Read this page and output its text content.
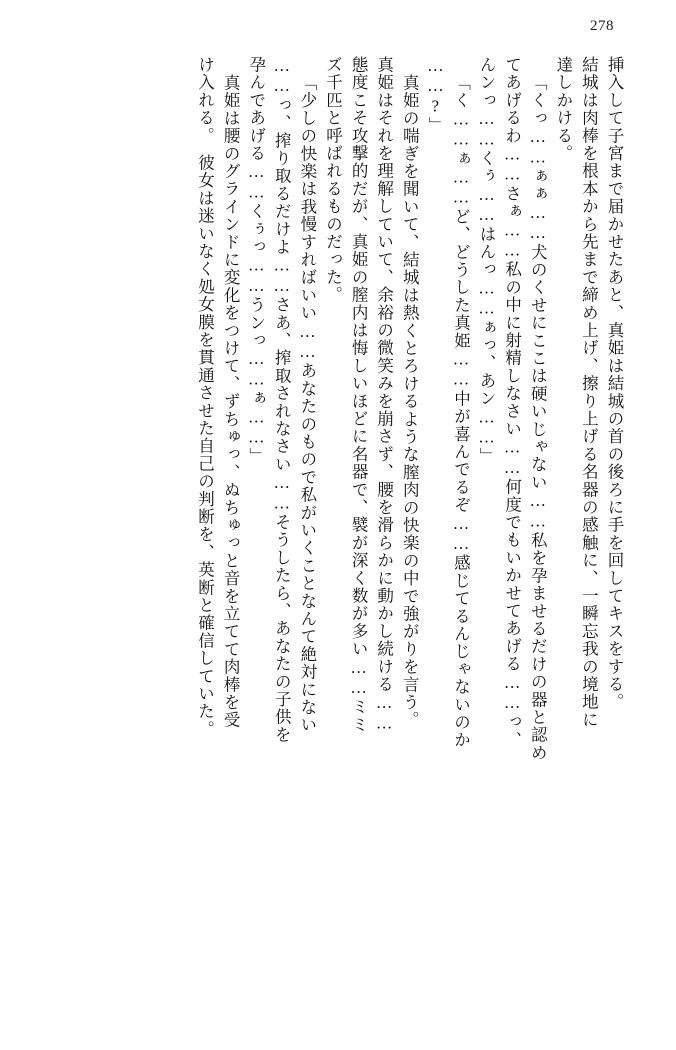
278
挿入して子宮まで届かせたあと、真姫は結城の首の後ろに手を回してキスをする。
結城は肉棒を根本から先まで締め上げ、擦り上げる名器の感触に、一瞬忘我の境地に
達しかける。
「くっ……ぁぁ……犬のくせにここは硬いじゃない……私を孕ませるだけの器と認め
てあげるわ……さぁ……私の中に射精しなさい……何度でもいかせてあげる……っ、
んンっ……くぅ……はんっ……ぁっ、あン……」
「く……ぁ……ど、どうした真姫……中が喜んでるぞ……感じてるんじゃないのか
……?」
真姫の喘ぎを聞いて、結城は熱くとろけるような膣肉の快楽の中で強がりを言う。
真姫はそれを理解していて、余裕の微笑みを崩さず、腰を滑らかに動かし続ける……
態度こそ攻撃的だが、真姫の膣内は悔しいほどに名器で、襞が深く数が多い……ミミ
ズ千匹と呼ばれるものだった。
「少しの快楽は我慢すればいい……あなたのもので私がいくことなんて絶対にない
……っ、搾り取るだけよ……さあ、搾取されなさい……そうしたら、あなたの子供を
孕んであげる……くぅっ……うンっ……ぁ……」
真姫は腰のグラインドに変化をつけて、ずちゅっ、ぬちゅっと音を立てて肉棒を受
け入れる。　彼女は迷いなく処女膜を貫通させた自己の判断を、英断と確信していた。
